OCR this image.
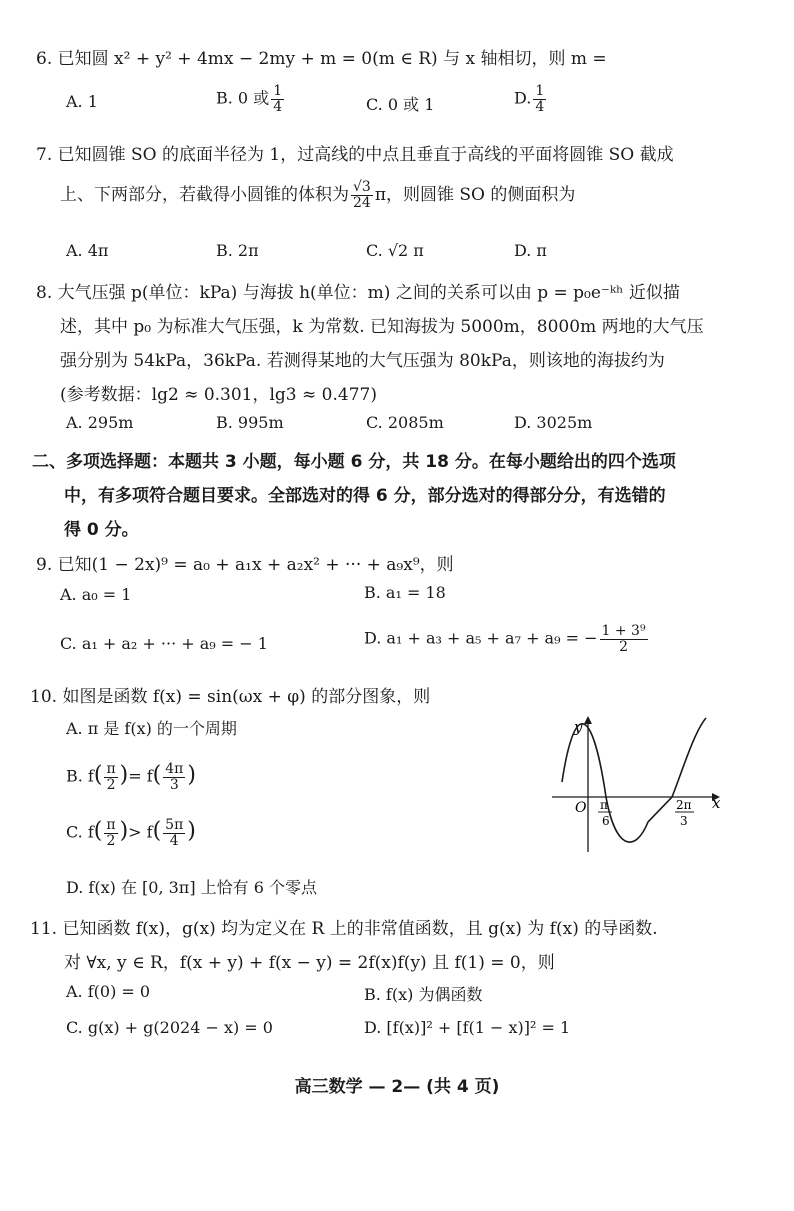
6. 已知圆 x² + y² + 4mx − 2my + m = 0(m ∈ R) 与 x 轴相切，则 m =
A. 1	B. 0 或 $\frac{1}{4}$	C. 0 或 1	D. $\frac{1}{4}$
7. 已知圆锥 SO 的底面半径为 1，过高线的中点且垂直于高线的平面将圆锥 SO 截成
上、下两部分，若截得小圆锥的体积为 $\frac{√3}{24}$ π，则圆锥 SO 的侧面积为
A. 4π	B. 2π	C. √2 π	D. π
8. 大气压强 p(单位：kPa) 与海拔 h(单位：m) 之间的关系可以由 p = p₀e⁻ᵏʰ 近似描
述，其中 p₀ 为标准大气压强，k 为常数. 已知海拔为 5000m，8000m 两地的大气压
强分别为 54kPa，36kPa. 若测得某地的大气压强为 80kPa，则该地的海拔约为
(参考数据：lg2 ≈ 0.301，lg3 ≈ 0.477)
A. 295m	B. 995m	C. 2085m	D. 3025m
二、多项选择题：本题共 3 小题，每小题 6 分，共 18 分。在每小题给出的四个选项
中，有多项符合题目要求。全部选对的得 6 分，部分选对的得部分分，有选错的
得 0 分。
9. 已知(1 − 2x)⁹ = a₀ + a₁x + a₂x² + ··· + a₉x⁹，则
A. a₀ = 1	B. a₁ = 18
C. a₁ + a₂ + ··· + a₉ = − 1	D. a₁ + a₃ + a₅ + a₇ + a₉ = − $\frac{\text{1 + 3⁹}}{2}$
10. 如图是函数 f(x) = sin(ωx + φ) 的部分图象，则
A. π 是 f(x) 的一个周期
B. $f( \frac{\pi}{2}$ )= $f( \frac{4\pi}{3}$ )
C. $f( \frac{\pi}{2}$ )> $f( \frac{5\pi}{4}$ )
D. f(x) 在 [0, 3π] 上恰有 6 个零点
y
x
O π
6
2π
3
11. 已知函数 f(x)，g(x) 均为定义在 R 上的非常值函数，且 g(x) 为 f(x) 的导函数.
对 ∀x, y ∈ R，f(x + y) + f(x − y) = 2f(x)f(y) 且 f(1) = 0，则
A. f(0) = 0	B. f(x) 为偶函数
C. g(x) + g(2024 − x) = 0	D. [f(x)]² + [f(1 − x)]² = 1
高三数学 — 2— (共 4 页)
